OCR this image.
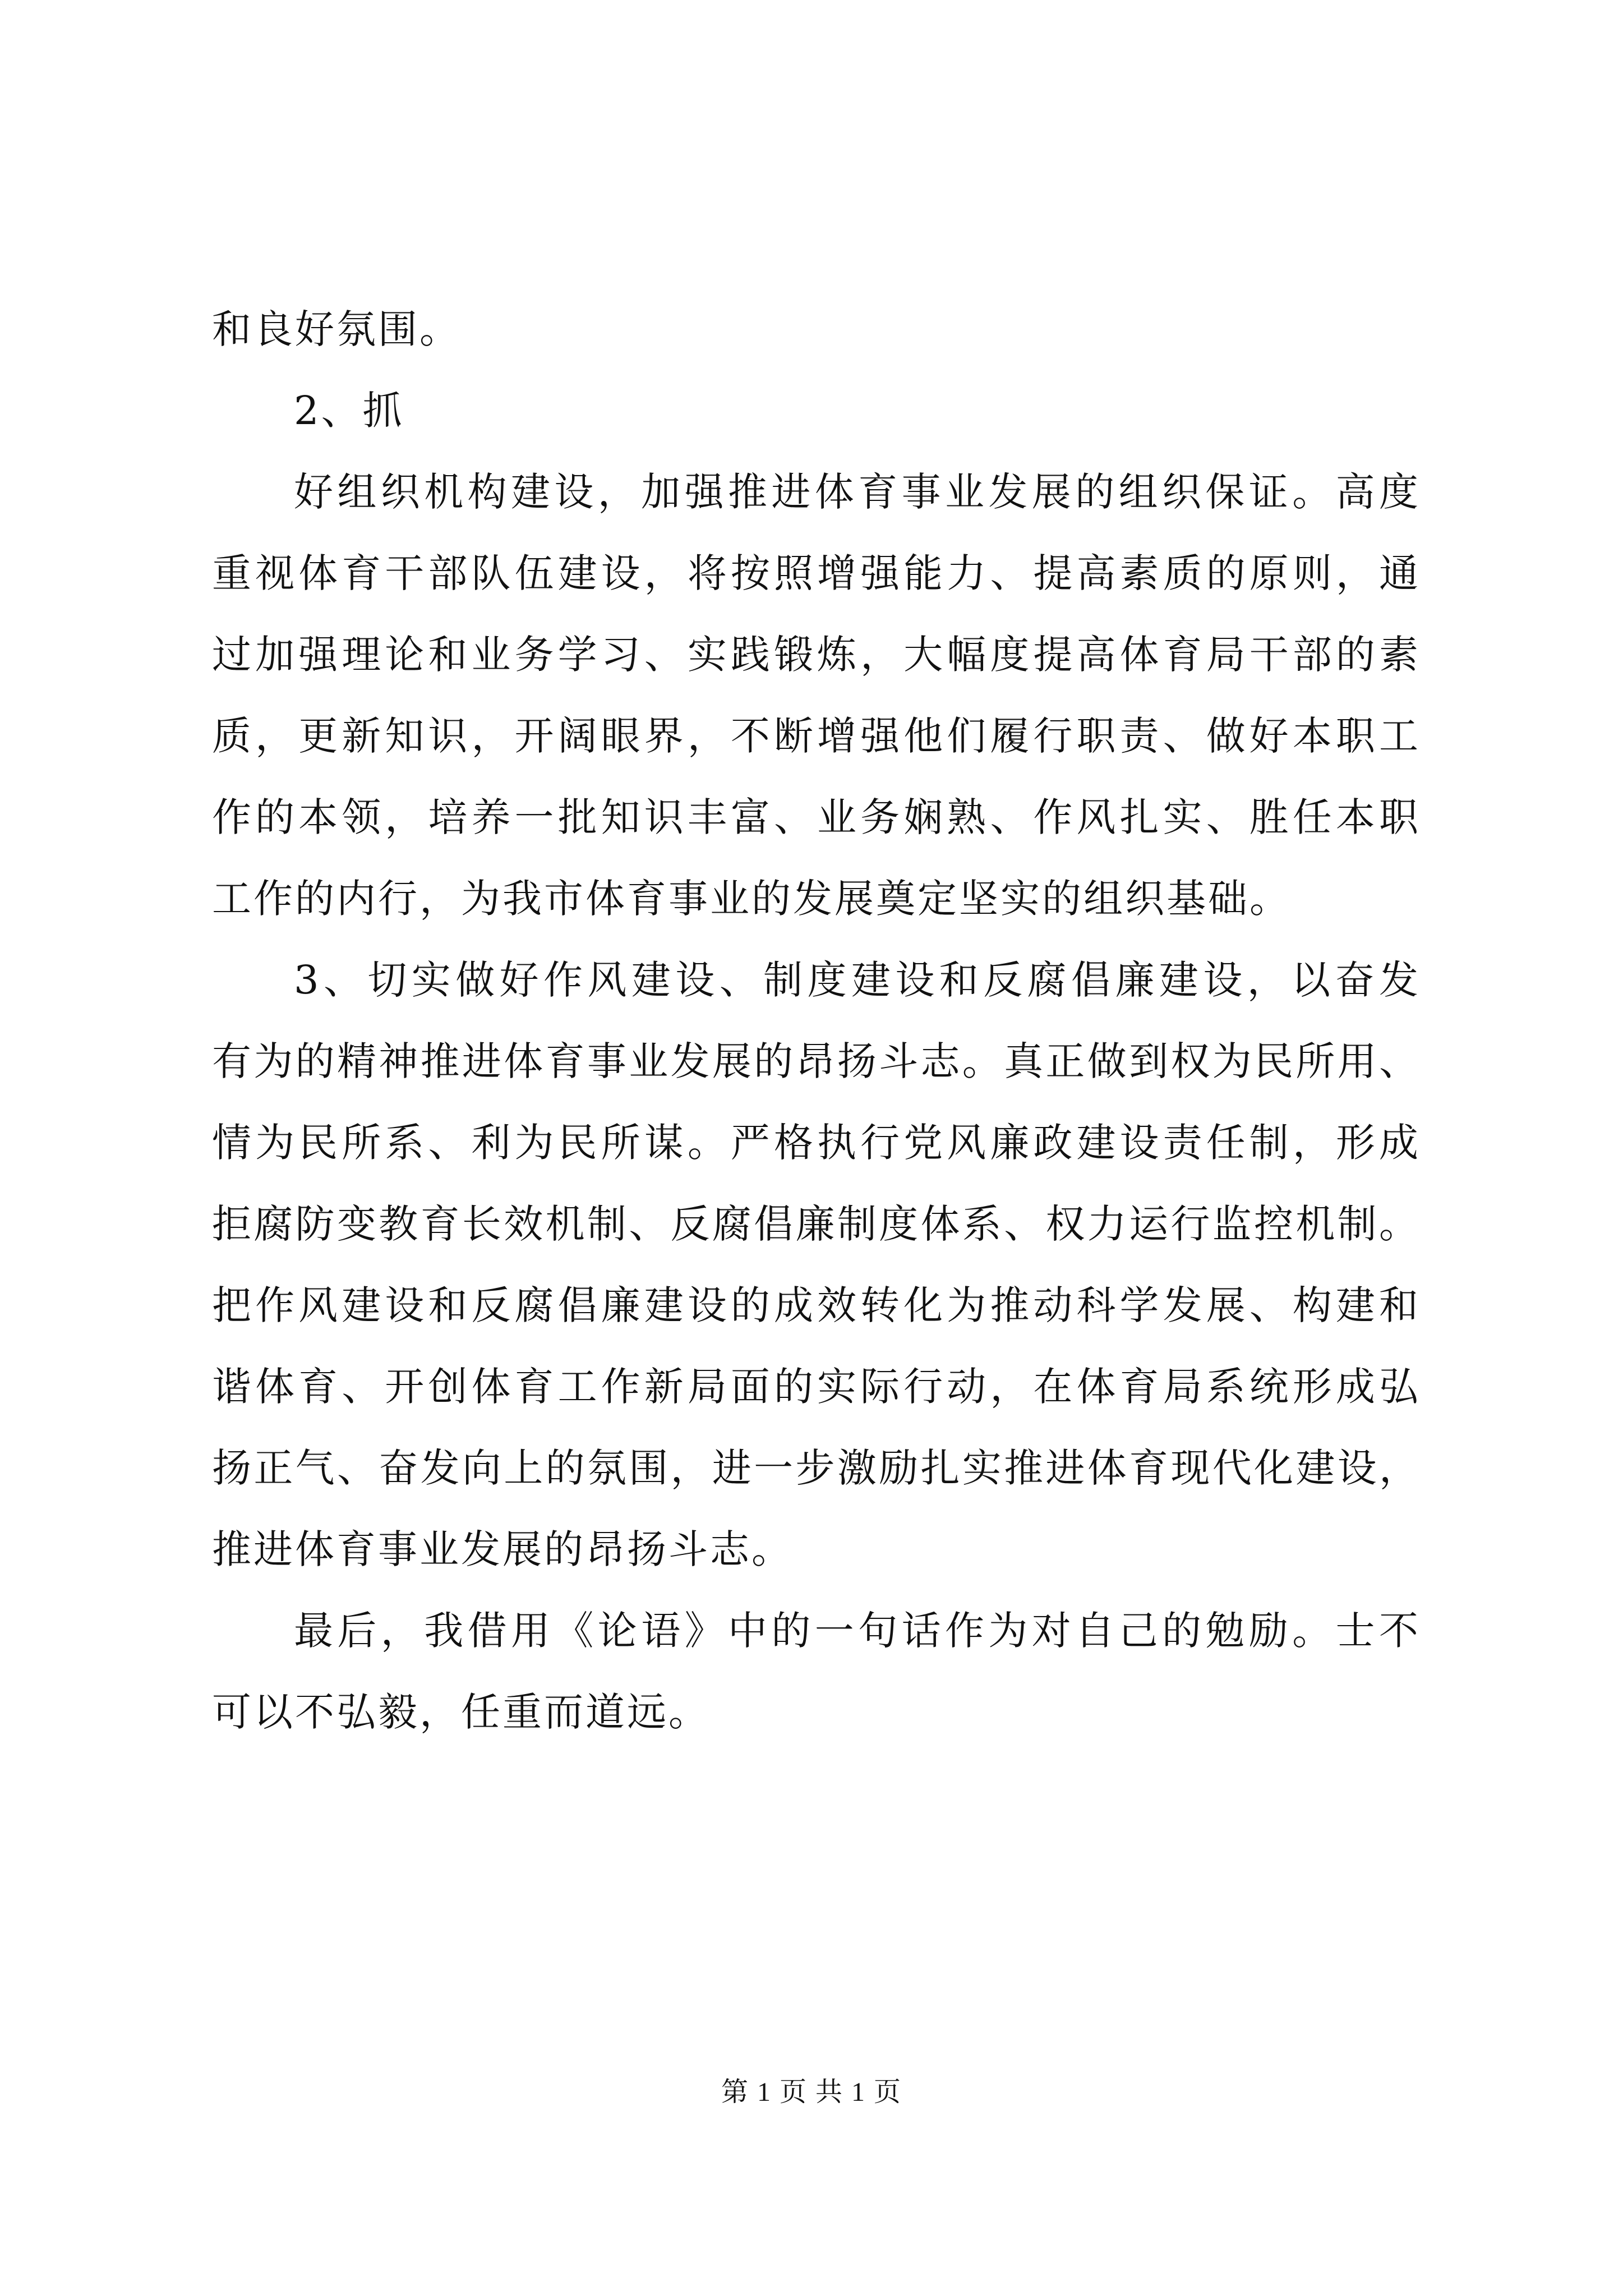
和良好氛围。
2、抓
好组织机构建设，加强推进体育事业发展的组织保证。高度
重视体育干部队伍建设，将按照增强能力、提高素质的原则，通
过加强理论和业务学习、实践锻炼，大幅度提高体育局干部的素
质，更新知识，开阔眼界，不断增强他们履行职责、做好本职工
作的本领，培养一批知识丰富、业务娴熟、作风扎实、胜任本职
工作的内行，为我市体育事业的发展奠定坚实的组织基础。
3、切实做好作风建设、制度建设和反腐倡廉建设，以奋发
有为的精神推进体育事业发展的昂扬斗志。真正做到权为民所用、
情为民所系、利为民所谋。严格执行党风廉政建设责任制，形成
拒腐防变教育长效机制、反腐倡廉制度体系、权力运行监控机制。
把作风建设和反腐倡廉建设的成效转化为推动科学发展、构建和
谐体育、开创体育工作新局面的实际行动，在体育局系统形成弘
扬正气、奋发向上的氛围，进一步激励扎实推进体育现代化建设，
推进体育事业发展的昂扬斗志。
最后，我借用《论语》中的一句话作为对自己的勉励。士不
可以不弘毅，任重而道远。
第 1 页 共 1 页
